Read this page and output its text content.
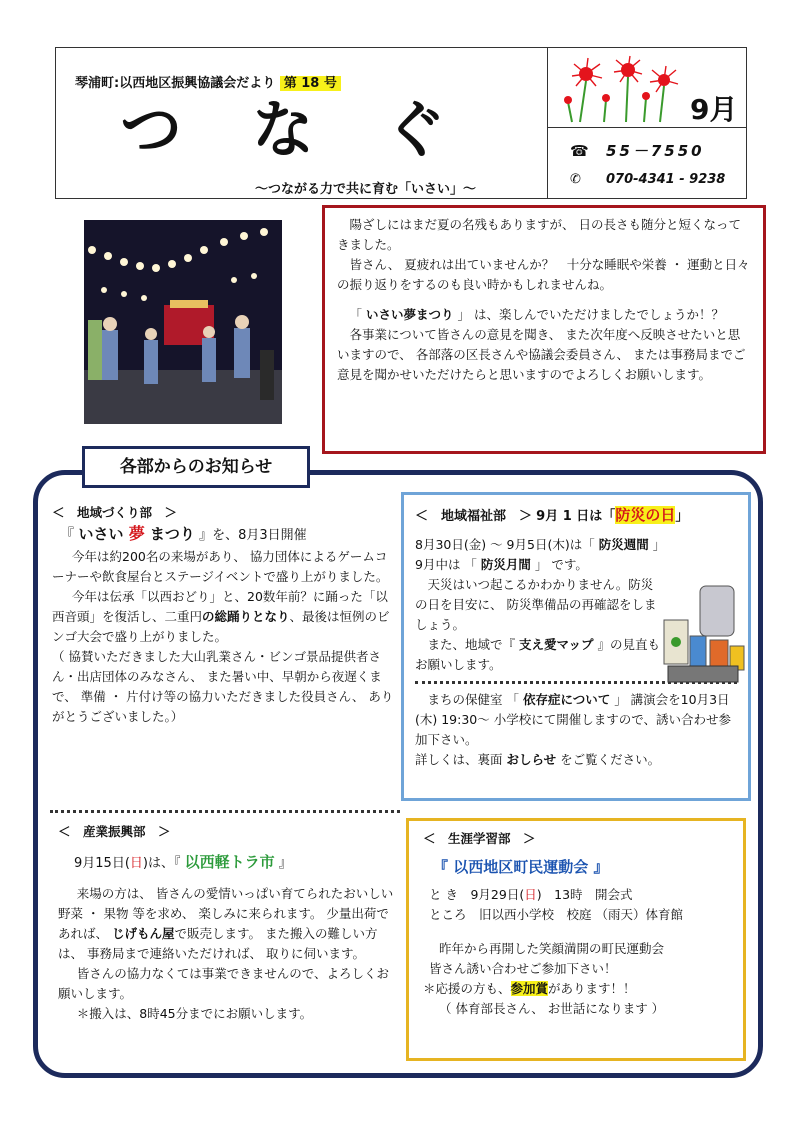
琴浦町:以西地区振興協議会だより 第 18 号
つなぐ
～つながる力で共に育む「いさい」～
9月
☎ 55－7550
✆ 070-4341 - 9238

陽ざしにはまだ夏の名残もありますが、 日の長さも随分と短くなってきました。

皆さん、 夏疲れは出ていませんか？　十分な睡眠や栄養 ・ 運動と日々の振り返りをするのも良い時かもしれませんね。

「 いさい夢まつり 」 は、楽しんでいただけましたでしょうか！？

各事業について皆さんの意見を聞き、 また次年度へ反映させたいと思いますので、 各部落の区長さんや協議会委員さん、 または事務局までご意見を聞かせいただけたらと思いますのでよろしくお願いします。

各部からのお知らせ

＜　地域づくり部　＞

『 いさい 夢 まつり 』を、8月3日開催

今年は約200名の来場があり、 協力団体によるゲームコーナーや飲食屋台とステージイベントで盛り上がりました。

今年は伝承「以西おどり」と、20数年前？に踊った「以西音頭」を復活し、二重円の総踊りとなり、最後は恒例のビンゴ大会で盛り上がりました。

（ 協賛いただきました大山乳業さん・ビンゴ景品提供者さん・出店団体のみなさん、 また暑い中、早朝から夜遅くまで、 準備 ・ 片付け等の協力いただきました役員さん、 ありがとうございました。）

＜　地域福祉部　＞ 9月 1 日は「防災の日」

8月30日(金) ～ 9月5日(木)は「 防災週間 」

9月中は 「 防災月間 」 です。

天災はいつ起こるかわかりません。防災の日を目安に、 防災準備品の再確認をしましょう。

また、地域で『 支え愛マップ 』の見直もお願いします。

まちの保健室 「 依存症について 」 講演会を10月3日(木) 19:30～ 小学校にて開催しますので、誘い合わせ参加下さい。

詳しくは、裏面 おしらせ をご覧ください。

＜　産業振興部　＞

9月15日(日)は、『 以西軽トラ市 』

来場の方は、 皆さんの愛情いっぱい育てられたおいしい野菜 ・ 果物 等を求め、 楽しみに来られます。 少量出荷であれば、 じげもん屋で販売します。 また搬入の難しい方は、 事務局まで連絡いただければ、 取りに伺います。

皆さんの協力なくては事業できませんので、よろしくお願いします。

＊搬入は、8時45分までにお願いします。

＜　生涯学習部　＞

『 以西地区町民運動会 』

と き　9月29日(日)　13時　開会式

ところ　旧以西小学校　校庭 （雨天）体育館

昨年から再開した笑顔満開の町民運動会

皆さん誘い合わせご参加下さい！

＊応援の方も、参加賞があります！！

（ 体育部長さん、 お世話になります ）
